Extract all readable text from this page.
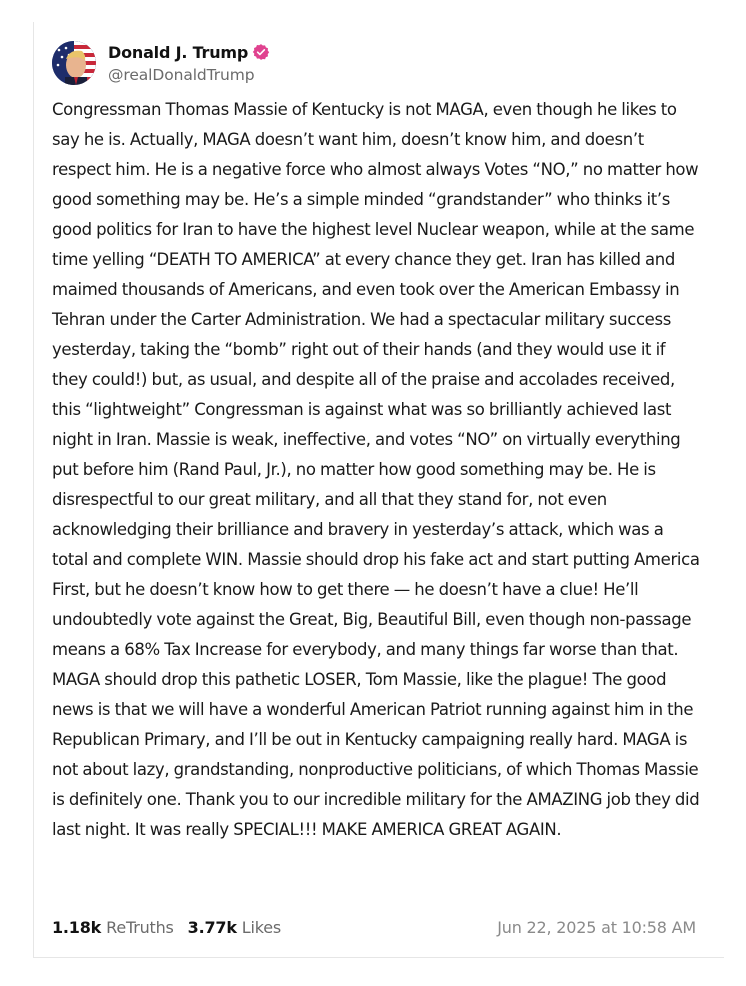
Donald J. Trump
@realDonaldTrump
Congressman Thomas Massie of Kentucky is not MAGA, even though he likes to say he is. Actually, MAGA doesn’t want him, doesn’t know him, and doesn’t respect him. He is a negative force who almost always Votes “NO,” no matter how good something may be. He’s a simple minded “grandstander” who thinks it’s good politics for Iran to have the highest level Nuclear weapon, while at the same time yelling “DEATH TO AMERICA” at every chance they get. Iran has killed and maimed thousands of Americans, and even took over the American Embassy in Tehran under the Carter Administration. We had a spectacular military success yesterday, taking the “bomb” right out of their hands (and they would use it if they could!) but, as usual, and despite all of the praise and accolades received, this “lightweight” Congressman is against what was so brilliantly achieved last night in Iran. Massie is weak, ineffective, and votes “NO” on virtually everything put before him (Rand Paul, Jr.), no matter how good something may be. He is disrespectful to our great military, and all that they stand for, not even acknowledging their brilliance and bravery in yesterday’s attack, which was a total and complete WIN. Massie should drop his fake act and start putting America First, but he doesn’t know how to get there — he doesn’t have a clue! He’ll undoubtedly vote against the Great, Big, Beautiful Bill, even though non-passage means a 68% Tax Increase for everybody, and many things far worse than that. MAGA should drop this pathetic LOSER, Tom Massie, like the plague! The good news is that we will have a wonderful American Patriot running against him in the Republican Primary, and I’ll be out in Kentucky campaigning really hard. MAGA is not about lazy, grandstanding, nonproductive politicians, of which Thomas Massie is definitely one. Thank you to our incredible military for the AMAZING job they did last night. It was really SPECIAL!!! MAKE AMERICA GREAT AGAIN.
1.18k ReTruths 3.77k Likes	Jun 22, 2025 at 10:58 AM
